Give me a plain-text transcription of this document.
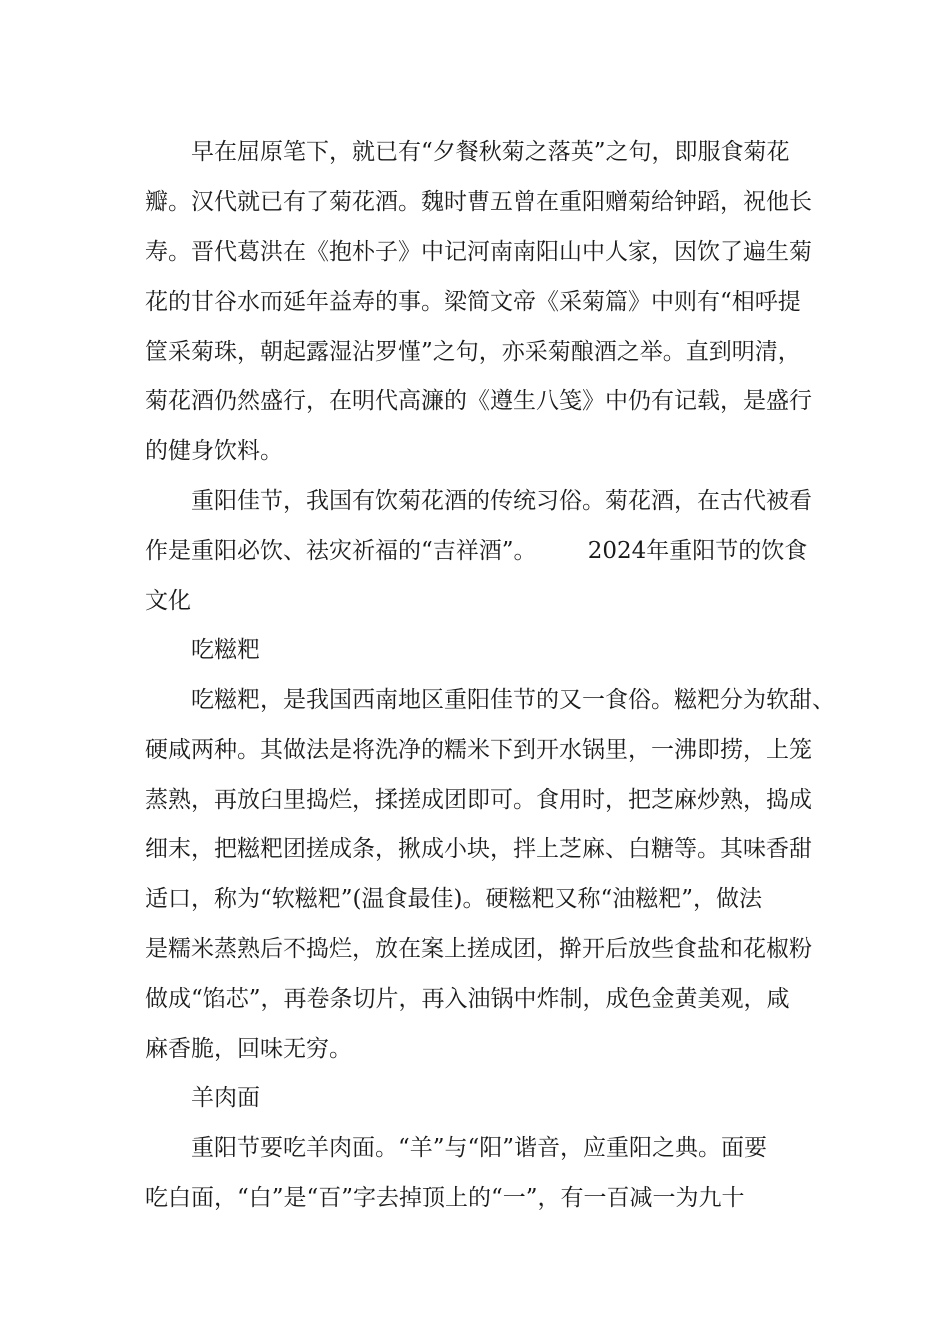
早在屈原笔下，就已有“夕餐秋菊之落英”之句，即服食菊花

瓣。汉代就已有了菊花酒。魏时曹五曾在重阳赠菊给钟蹈，祝他长

寿。晋代葛洪在《抱朴子》中记河南南阳山中人家，因饮了遍生菊

花的甘谷水而延年益寿的事。梁简文帝《采菊篇》中则有“相呼提

筐采菊珠，朝起露湿沾罗慬”之句，亦采菊酿酒之举。直到明清，

菊花酒仍然盛行，在明代高濂的《遵生八笺》中仍有记载，是盛行

的健身饮料。

重阳佳节，我国有饮菊花酒的传统习俗。菊花酒，在古代被看

作是重阳必饮、祛灾祈福的“吉祥酒”。       2024年重阳节的饮食

文化

吃糍粑

吃糍粑，是我国西南地区重阳佳节的又一食俗。糍粑分为软甜、

硬咸两种。其做法是将洗净的糯米下到开水锅里，一沸即捞，上笼

蒸熟，再放臼里捣烂，揉搓成团即可。食用时，把芝麻炒熟，捣成

细末，把糍粑团搓成条，揪成小块，拌上芝麻、白糖等。其味香甜

适口，称为“软糍粑”(温食最佳)。硬糍粑又称“油糍粑”，做法

是糯米蒸熟后不捣烂，放在案上搓成团，擀开后放些食盐和花椒粉

做成“馅芯”，再卷条切片，再入油锅中炸制，成色金黄美观，咸

麻香脆，回味无穷。

羊肉面

重阳节要吃羊肉面。“羊”与“阳”谐音，应重阳之典。面要

吃白面，“白”是“百”字去掉顶上的“一”，有一百减一为九十
